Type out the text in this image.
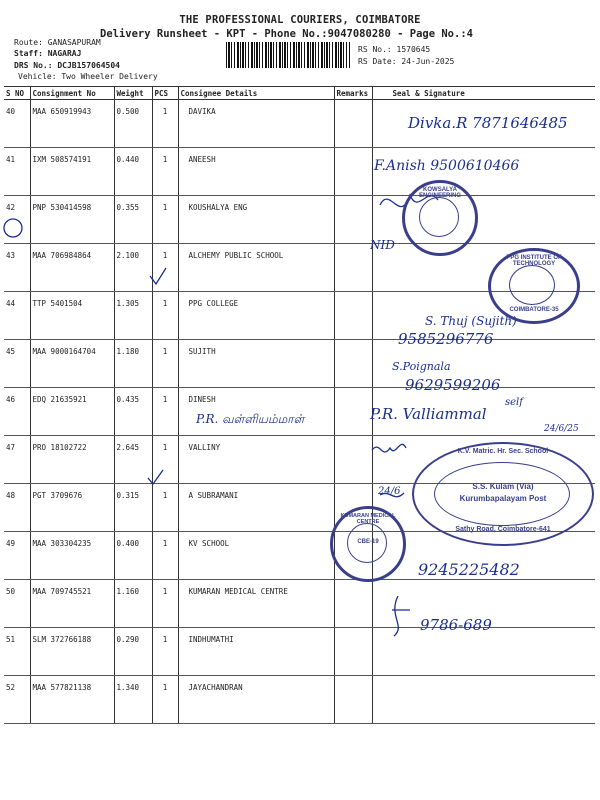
THE PROFESSIONAL COURIERS, COIMBATORE
Delivery Runsheet - KPT - Phone No.:9047080280 - Page No.:4
Route: GANASAPURAM
Staff: NAGARAJ
DRS No.: DCJB157064504
Vehicle: Two Wheeler Delivery
RS No.: 1570645
RS Date: 24-Jun-2025
S NO	Consignment No	Weight	PCS	Consignee Details	Remarks	Seal & Signature
40	MAA 650919943	0.500	1	DAVIKA		
41	IXM 508574191	0.440	1	ANEESH		
42	PNP 530414598	0.355	1	KOUSHALYA ENG		
43	MAA 706984864	2.100	1	ALCHEMY PUBLIC SCHOOL		
44	TTP 5401504	1.305	1	PPG COLLEGE		
45	MAA 9000164704	1.180	1	SUJITH		
46	EDQ 21635921	0.435	1	DINESH		
47	PRO 18102722	2.645	1	VALLINY		
48	PGT 3709676	0.315	1	A SUBRAMANI		
49	MAA 303304235	0.400	1	KV SCHOOL		
50	MAA 709745521	1.160	1	KUMARAN MEDICAL CENTRE		
51	SLM 372766188	0.290	1	INDHUMATHI		
52	MAA 577821138	1.340	1	JAYACHANDRAN		
Divka.R 7871646485
F.Anish 9500610466
NID
S. Thuj (Sujith)
9585296776
S.Poignala
9629599206
self
P.R. Valliammal
24/6/25
P.R. வள்ளியம்மாள்
24/6
9245225482
9786-689
KOWSALYA ENGINEERING
PPG INSTITUTE OF TECHNOLOGY
COIMBATORE-35
K.V. Matric. Hr. Sec. School
S.S. Kulam (Via)
Kurumbapalayam Post
Sathy Road, Coimbatore-641
KUMARAN MEDICAL CENTRE
CBE-19
